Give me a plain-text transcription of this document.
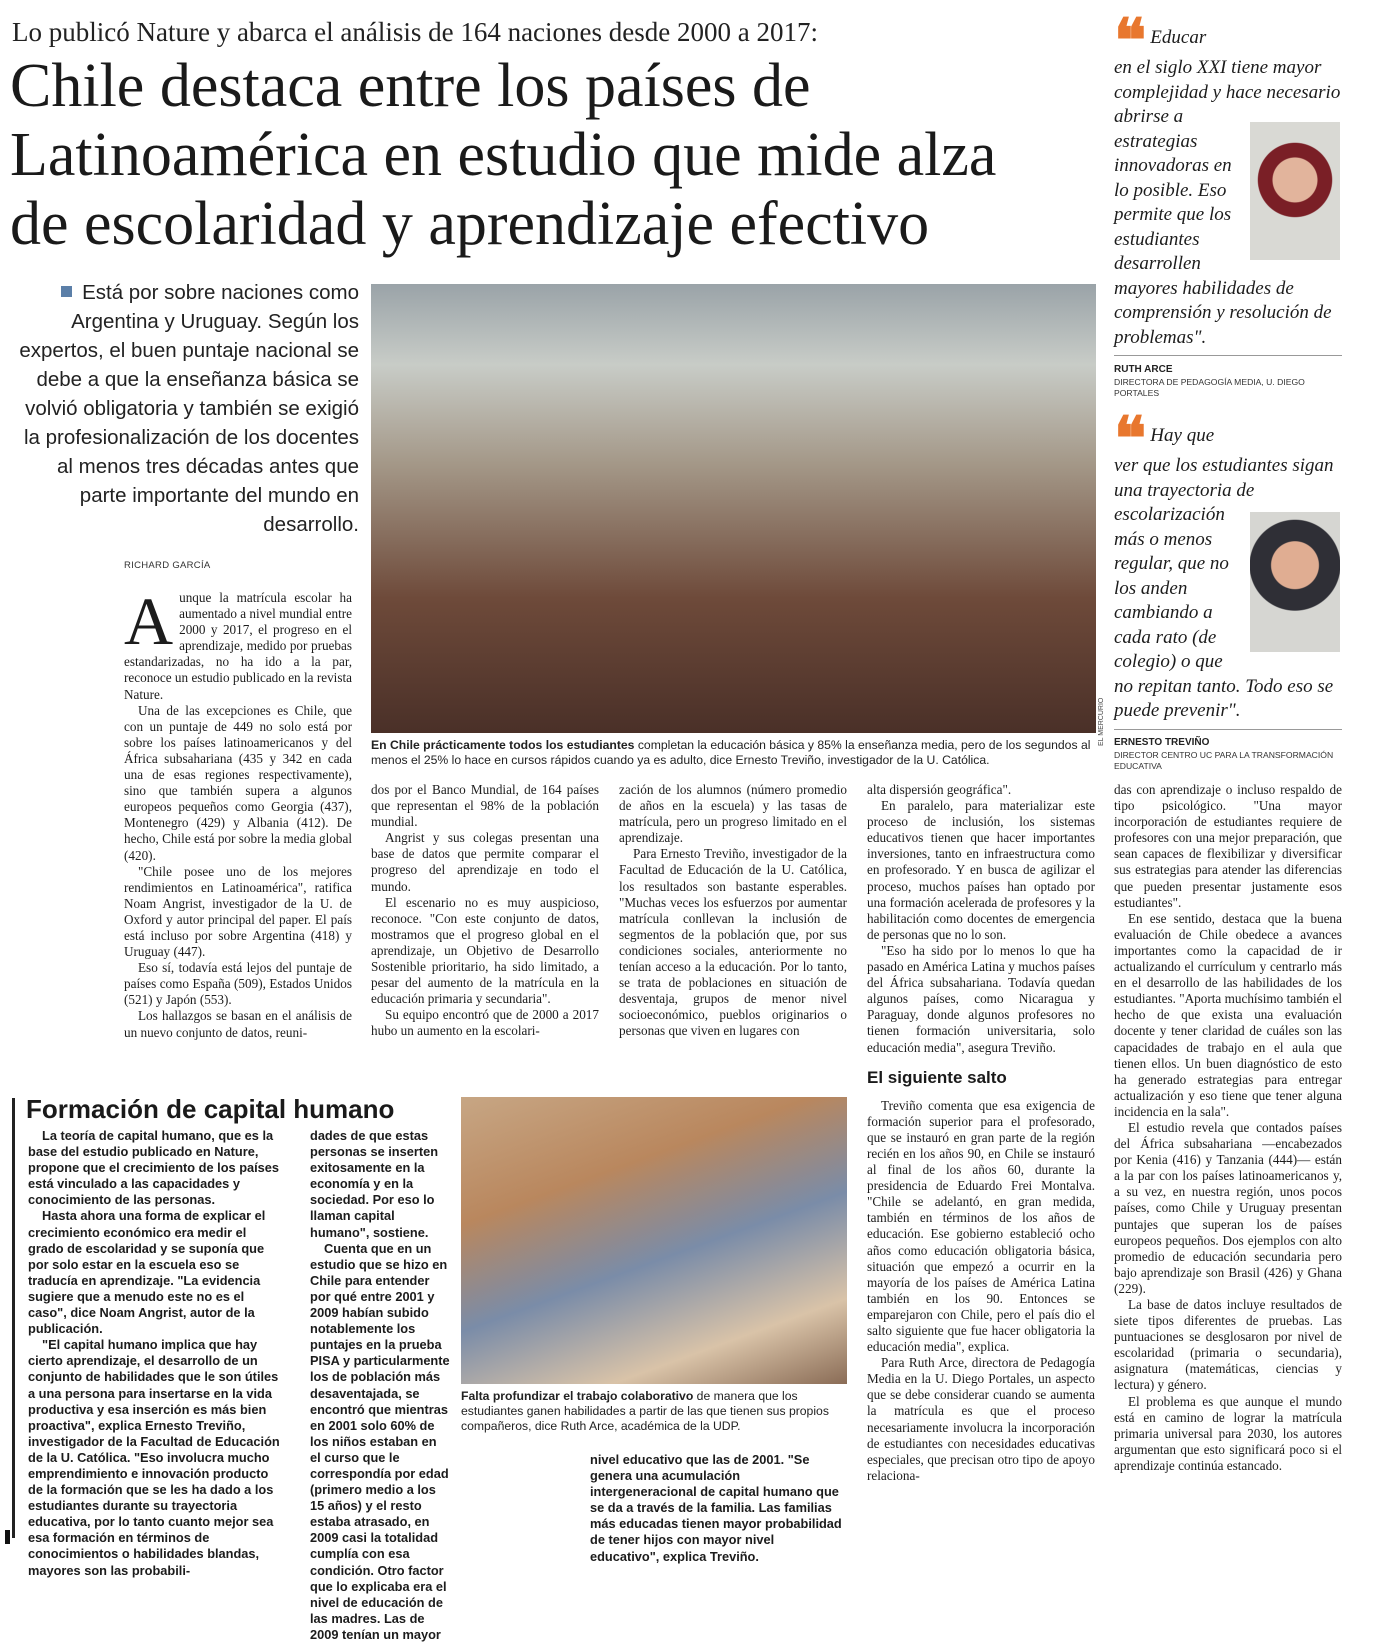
Lo publicó Nature y abarca el análisis de 164 naciones desde 2000 a 2017:
Chile destaca entre los países de
Latinoamérica en estudio que mide alza
de escolaridad y aprendizaje efectivo
Está por sobre naciones como
Argentina y Uruguay. Según los
expertos, el buen puntaje nacional se
debe a que la enseñanza básica se
volvió obligatoria y también se exigió
la profesionalización de los docentes
al menos tres décadas antes que
parte importante del mundo en
desarrollo.
RICHARD GARCÍA
EL MERCURIO
En Chile prácticamente todos los estudiantes completan la educación básica y 85% la enseñanza media, pero de los segundos al menos el 25% lo hace en cursos rápidos cuando ya es adulto, dice Ernesto Treviño, investigador de la U. Católica.

Aunque la matrícula escolar ha aumentado a nivel mundial entre 2000 y 2017, el progreso en el aprendizaje, medido por pruebas estandarizadas, no ha ido a la par, reconoce un estudio publicado en la revista Nature.

Una de las excepciones es Chile, que con un puntaje de 449 no solo está por sobre los países latinoamericanos y del África subsahariana (435 y 342 en cada una de esas regiones respectivamente), sino que también supera a algunos europeos pequeños como Georgia (437), Montenegro (429) y Albania (412). De hecho, Chile está por sobre la media global (420).

"Chile posee uno de los mejores rendimientos en Latinoamérica", ratifica Noam Angrist, investigador de la U. de Oxford y autor principal del paper. El país está incluso por sobre Argentina (418) y Uruguay (447).

Eso sí, todavía está lejos del puntaje de países como España (509), Estados Unidos (521) y Japón (553).

Los hallazgos se basan en el análisis de un nuevo conjunto de datos, reuni-

dos por el Banco Mundial, de 164 países que representan el 98% de la población mundial.

Angrist y sus colegas presentan una base de datos que permite comparar el progreso del aprendizaje en todo el mundo.

El escenario no es muy auspicioso, reconoce. "Con este conjunto de datos, mostramos que el progreso global en el aprendizaje, un Objetivo de Desarrollo Sostenible prioritario, ha sido limitado, a pesar del aumento de la matrícula en la educación primaria y secundaria".

Su equipo encontró que de 2000 a 2017 hubo un aumento en la escolari-

zación de los alumnos (número promedio de años en la escuela) y las tasas de matrícula, pero un progreso limitado en el aprendizaje.

Para Ernesto Treviño, investigador de la Facultad de Educación de la U. Católica, los resultados son bastante esperables. "Muchas veces los esfuerzos por aumentar matrícula conllevan la inclusión de segmentos de la población que, por sus condiciones sociales, anteriormente no tenían acceso a la educación. Por lo tanto, se trata de poblaciones en situación de desventaja, grupos de menor nivel socioeconómico, pueblos originarios o personas que viven en lugares con

alta dispersión geográfica".

En paralelo, para materializar este proceso de inclusión, los sistemas educativos tienen que hacer importantes inversiones, tanto en infraestructura como en profesorado. Y en busca de agilizar el proceso, muchos países han optado por una formación acelerada de profesores y la habilitación como docentes de emergencia de personas que no lo son.

"Eso ha sido por lo menos lo que ha pasado en América Latina y muchos países del África subsahariana. Todavía quedan algunos países, como Nicaragua y Paraguay, donde algunos profesores no tienen formación universitaria, solo educación media", asegura Treviño.

El siguiente salto

Treviño comenta que esa exigencia de formación superior para el profesorado, que se instauró en gran parte de la región recién en los años 90, en Chile se instauró al final de los años 60, durante la presidencia de Eduardo Frei Montalva. "Chile se adelantó, en gran medida, también en términos de los años de educación. Ese gobierno estableció ocho años como educación obligatoria básica, situación que empezó a ocurrir en la mayoría de los países de América Latina también en los 90. Entonces se emparejaron con Chile, pero el país dio el salto siguiente que fue hacer obligatoria la educación media", explica.

Para Ruth Arce, directora de Pedagogía Media en la U. Diego Portales, un aspecto que se debe considerar cuando se aumenta la matrícula es que el proceso necesariamente involucra la incorporación de estudiantes con necesidades educativas especiales, que precisan otro tipo de apoyo relaciona-

das con aprendizaje o incluso respaldo de tipo psicológico. "Una mayor incorporación de estudiantes requiere de profesores con una mejor preparación, que sean capaces de flexibilizar y diversificar sus estrategias para atender las diferencias que pueden presentar justamente esos estudiantes".

En ese sentido, destaca que la buena evaluación de Chile obedece a avances importantes como la capacidad de ir actualizando el currículum y centrarlo más en el desarrollo de las habilidades de los estudiantes. "Aporta muchísimo también el hecho de que exista una evaluación docente y tener claridad de cuáles son las capacidades de trabajo en el aula que tienen ellos. Un buen diagnóstico de esto ha generado estrategias para entregar actualización y eso tiene que tener alguna incidencia en la sala".

El estudio revela que contados países del África subsahariana —encabezados por Kenia (416) y Tanzania (444)— están a la par con los países latinoamericanos y, a su vez, en nuestra región, unos pocos países, como Chile y Uruguay presentan puntajes que superan los de países europeos pequeños. Dos ejemplos con alto promedio de educación secundaria pero bajo aprendizaje son Brasil (426) y Ghana (229).

La base de datos incluye resultados de siete tipos diferentes de pruebas. Las puntuaciones se desglosaron por nivel de escolaridad (primaria o secundaria), asignatura (matemáticas, ciencias y lectura) y género.

El problema es que aunque el mundo está en camino de lograr la matrícula primaria universal para 2030, los autores argumentan que esto significará poco si el aprendizaje continúa estancado.

❝ Educar
en el siglo XXI tiene mayor
complejidad y hace necesario
abrirse a
estrategias
innovadoras en
lo posible. Eso
permite que los
estudiantes
desarrollen
mayores habilidades de
comprensión y resolución de
problemas".
RUTH ARCE
DIRECTORA DE PEDAGOGÍA MEDIA, U. DIEGO PORTALES
❝ Hay que
ver que los estudiantes sigan
una trayectoria de
escolarización
más o menos
regular, que no
los anden
cambiando a
cada rato (de
colegio) o que
no repitan tanto. Todo eso se
puede prevenir".
ERNESTO TREVIÑO
DIRECTOR CENTRO UC PARA LA TRANSFORMACIÓN EDUCATIVA
Formación de capital humano

La teoría de capital humano, que es la base del estudio publicado en Nature, propone que el crecimiento de los países está vinculado a las capacidades y conocimiento de las personas.

Hasta ahora una forma de explicar el crecimiento económico era medir el grado de escolaridad y se suponía que por solo estar en la escuela eso se traducía en aprendizaje. "La evidencia sugiere que a menudo este no es el caso", dice Noam Angrist, autor de la publicación.

"El capital humano implica que hay cierto aprendizaje, el desarrollo de un conjunto de habilidades que le son útiles a una persona para insertarse en la vida productiva y esa inserción es más bien proactiva", explica Ernesto Treviño, investigador de la Facultad de Educación de la U. Católica. "Eso involucra mucho emprendimiento e innovación producto de la formación que se les ha dado a los estudiantes durante su trayectoria educativa, por lo tanto cuanto mejor sea esa formación en términos de conocimientos o habilidades blandas, mayores son las probabili-

dades de que estas personas se inserten exitosamente en la economía y en la sociedad. Por eso lo llaman capital humano", sostiene.

Cuenta que en un estudio que se hizo en Chile para entender por qué entre 2001 y 2009 habían subido notablemente los puntajes en la prueba PISA y particularmente los de población más desaventajada, se encontró que mientras en 2001 solo 60% de los niños estaban en el curso que le correspondía por edad (primero medio a los 15 años) y el resto estaba atrasado, en 2009 casi la totalidad cumplía con esa condición. Otro factor que lo explicaba era el nivel de educación de las madres. Las de 2009 tenían un mayor

Falta profundizar el trabajo colaborativo de manera que los estudiantes ganen habilidades a partir de las que tienen sus propios compañeros, dice Ruth Arce, académica de la UDP.

nivel educativo que las de 2001. "Se genera una acumulación intergeneracional de capital humano que se da a través de la familia. Las familias más educadas tienen mayor probabilidad de tener hijos con mayor nivel educativo", explica Treviño.
